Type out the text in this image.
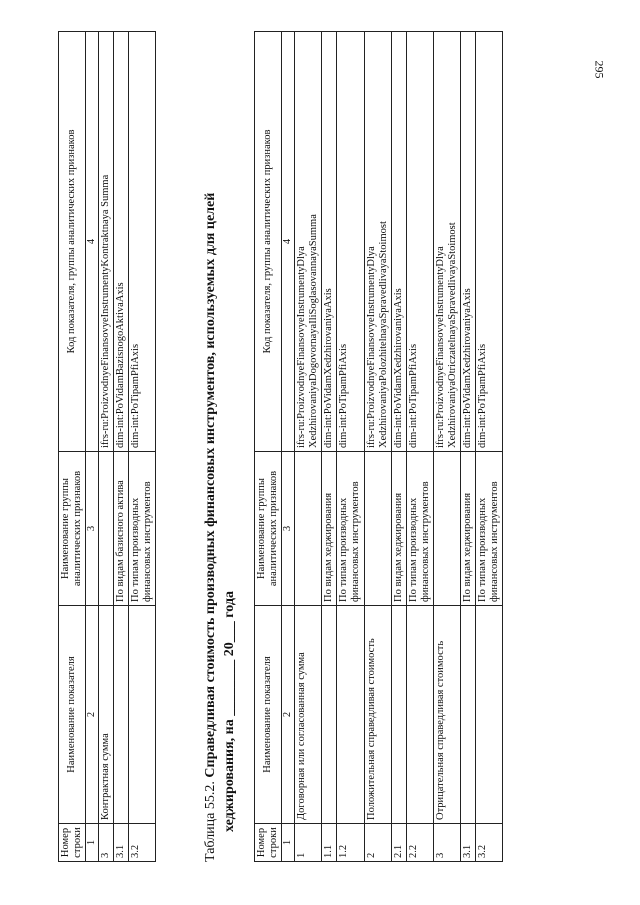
295
Номер строки	Наименование показателя	Наименование группы аналитических признаков	Код показателя, группы аналитических признаков
1	2	3	4
3	Контрактная сумма		ifrs-ru:ProizvodnyeFinansovyeInstrumentyKontraktnaya Summa
3.1		По видам базисного актива	dim-int:PoVidamBazisnogoAktivaAxis
3.2		По типам производных финансовых инструментов	dim-int:PoTipamPfiAxis
Таблица 55.2. Справедливая стоимость производных финансовых инструментов, используемых для целей хеджирования, на ________ 20___ года
Номер строки	Наименование показателя	Наименование группы аналитических признаков	Код показателя, группы аналитических признаков
1	2	3	4
1	Договорная или согласованная сумма		ifrs-ru:ProizvodnyeFinansovyeInstrumentyDlya XedzhirovaniyaDogovornayaIliSoglasovannayaSumma
1.1		По видам хеджирования	dim-int:PoVidamXedzhirovaniyaAxis
1.2		По типам производных финансовых инструментов	dim-int:PoTipamPfiAxis
2	Положительная справедливая стоимость		ifrs-ru:ProizvodnyeFinansovyeInstrumentyDlya XedzhirovaniyaPolozhitelnayaSpravedlivayaStoimost
2.1		По видам хеджирования	dim-int:PoVidamXedzhirovaniyaAxis
2.2		По типам производных финансовых инструментов	dim-int:PoTipamPfiAxis
3	Отрицательная справедливая стоимость		ifrs-ru:ProizvodnyeFinansovyeInstrumentyDlya XedzhirovaniyaOtriczatelnayaSpravedlivayaStoimost
3.1		По видам хеджирования	dim-int:PoVidamXedzhirovaniyaAxis
3.2		По типам производных финансовых инструментов	dim-int:PoTipamPfiAxis
